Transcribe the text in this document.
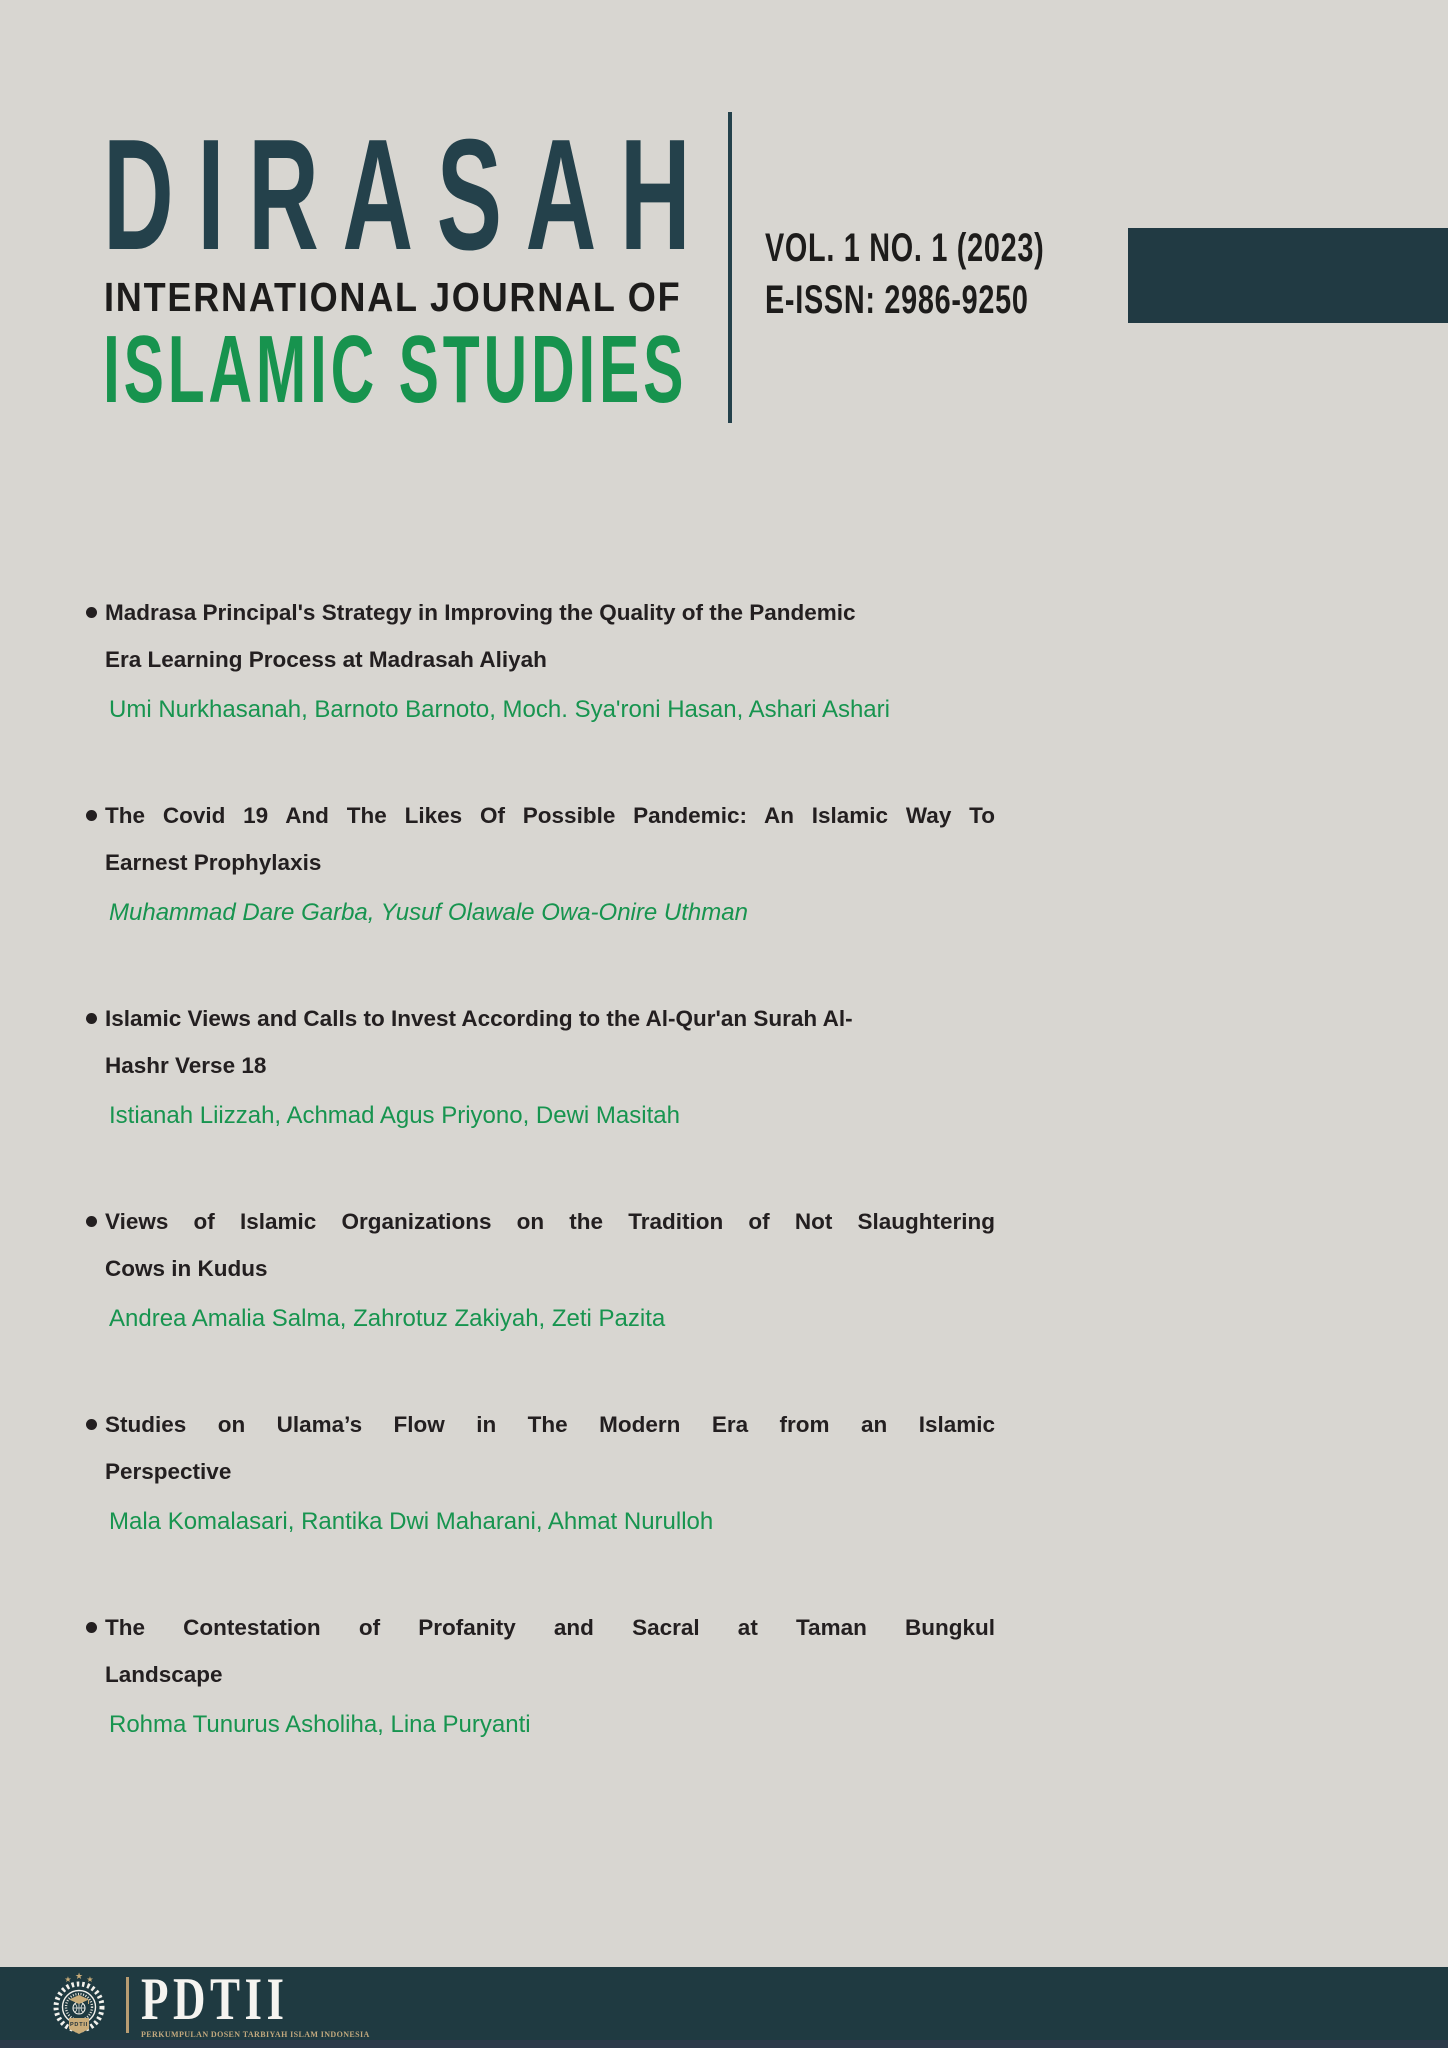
DIRASAH
INTERNATIONAL JOURNAL OF
ISLAMIC STUDIES
VOL. 1 NO. 1 (2023)
E-ISSN: 2986-9250
Madrasa Principal's Strategy in Improving the Quality of the Pandemic
Era Learning Process at Madrasah Aliyah
Umi Nurkhasanah, Barnoto Barnoto, Moch. Sya'roni Hasan, Ashari Ashari
The Covid 19 And The Likes Of Possible Pandemic: An Islamic Way To
Earnest Prophylaxis
Muhammad Dare Garba, Yusuf Olawale Owa-Onire Uthman
Islamic Views and Calls to Invest According to the Al-Qur'an Surah Al-
Hashr Verse 18
Istianah Liizzah, Achmad Agus Priyono, Dewi Masitah
Views of Islamic Organizations on the Tradition of Not Slaughtering
Cows in Kudus
Andrea Amalia Salma, Zahrotuz Zakiyah, Zeti Pazita
Studies on Ulama’s Flow in The Modern Era from an Islamic
Perspective
Mala Komalasari, Rantika Dwi Maharani, Ahmat Nurulloh
The Contestation of Profanity and Sacral at Taman Bungkul
Landscape
Rohma Tunurus Asholiha, Lina Puryanti
★ ★ ★
PDTII PDTII
PERKUMPULAN DOSEN TARBIYAH ISLAM INDONESIA
